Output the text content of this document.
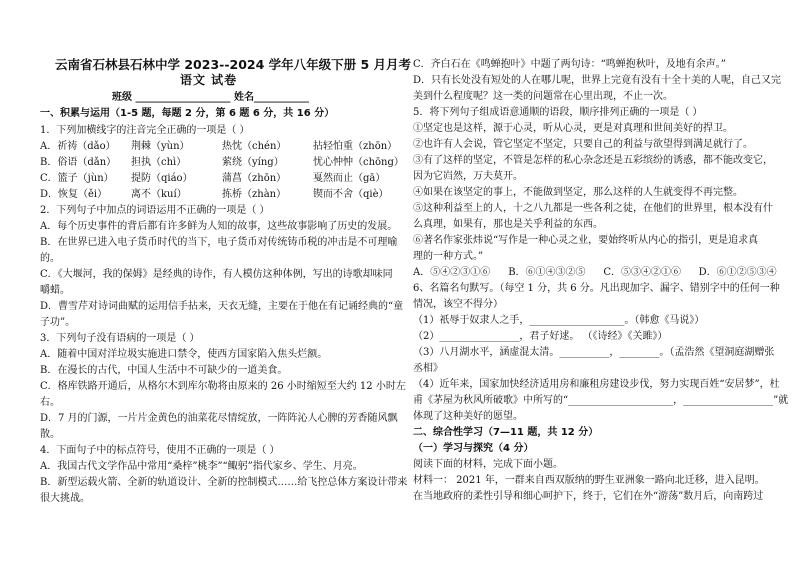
云南省石林县石林中学 2023--2024 学年八年级下册 5 月月考
语文 试卷
班级 ___________________ 姓名___________
一、积累与运用（1-5 题，每题 2 分，第 6 题 6 分，共 16 分）
1．下列加横线字的注音完全正确的一项是（ ）
A．祈祷（dǎo）	荆棘（yùn）	热忱（chén）	拈轻怕重（zhōn）
B．俗语（dǎn）	担执（chì）	萦绕（yíng）	忧心忡忡（chōng）
C．篮子（jùn）	提防（qiáo）	蒲菖（zhōn）	戛然而止（gā）
D．恢复（ěi）	离不（kuí）	拣桥（zhàn）	锲而不舍（qiè）
2．下列句子中加点的词语运用不正确的一项是（ ）
A．每个历史事件的背后都有许多鲜为人知的故事，这些故事影响了历史的发展。
B．在世界已进入电子货币时代的当下，电子货币对传统铸币税的冲击是不可理喻
的。
C．《大堰河，我的保姆》是经典的诗作，有人模仿这种体例，写出的诗歌却味同
嚼蜡。
D．曹雪芹对诗词曲赋的运用信手拈来，天衣无缝，主要在于他在有记诵经典的“童
子功”。
3．下列句子没有语病的一项是（ ）
A．随着中国对洋垃圾实施进口禁令，使西方国家陷入焦头烂额。
B．在漫长的古代，中国人生活中不可缺少的一道美食。
C．格库铁路开通后，从格尔木到库尔勒将由原来的 26 小时缩短至大约 12 小时左
右。
D．7 月的门源，一片片金黄色的油菜花尽情绽放，一阵阵沁人心脾的芳香随风飘
散。
4．下面句子中的标点符号，使用不正确的一项是（ ）
A．我国古代文学作品中常用“桑梓”桃李”“鲰躬”指代家乡、学生、月亮。
B．新型运载火箭、全新的轨道设计、全新的控制模式……给飞控总体方案设计带来
很大挑战。
C．齐白石在《鸣蝉抱叶》中题了两句诗：“鸣蝉抱秋叶，及地有余声。”
D．只有长处没有短处的人在哪儿呢，世界上完竟有没有十全十美的人呢，自己又完
美到什么程度呢？这一类的问题常在心里出现，不止一次。
5．将下列句子组成语意通顺的语段，顺序排列正确的一项是（ ）
①坚定也是这样，源于心灵，听从心灵，更是对真理和世间美好的捍卫。
②也许有人会说，管它坚定不坚定，只要自己的利益与欲望得到满足就行了。
③有了这样的坚定，不管是怎样的私心杂念还是五彩缤纷的诱惑，都不能改变它，
因为它岿然，万夫莫开。
④如果在该坚定的事上，不能做到坚定，那么这样的人生就变得不再完整。
⑤这种利益至上的人，十之八九都是一些各利之徒，在他们的世界里，根本没有什
么真理，如果有，那也是关乎利益的东西。
⑥著名作家张炜说“写作是一种心灵之业，要始终听从内心的指引，更是追求真
理的一种方式。”
A．⑤④②③①⑥ B．⑥①④③②⑤ C．⑤③④②①⑥ D．⑥①②⑤③④
6、名篇名句默写。（每空 1 分，共 6 分。凡出现加字、漏字、错别字中的任何一种
情况，该空不得分）
（1）祇辱于奴隶人之手，___________________。（韩愈《马说》）
（2）________________，君子好逑。 （《诗经》《关雎》）
（3）八月湖水平，涵虚混太清。__________，________。（孟浩然《望洞庭湖赠张
丞相》
（4）近年来，国家加快经济适用房和廉租房建设步伐，努力实现百姓“安居梦”，杜
甫《茅屋为秋风所破歌》中所写的“_____________________，__________________”就
体现了这种美好的愿望。
二、综合性学习（7—11 题，共 12 分）
（一）学习与探究（4 分）
阅读下面的材料，完成下面小题。
材料一： 2021 年，一群来自西双版纳的野生亚洲象一路向北迁移，进入昆明。
在当地政府的柔性引导和细心呵护下，终于，它们在外“游荡”数月后，向南跨过
